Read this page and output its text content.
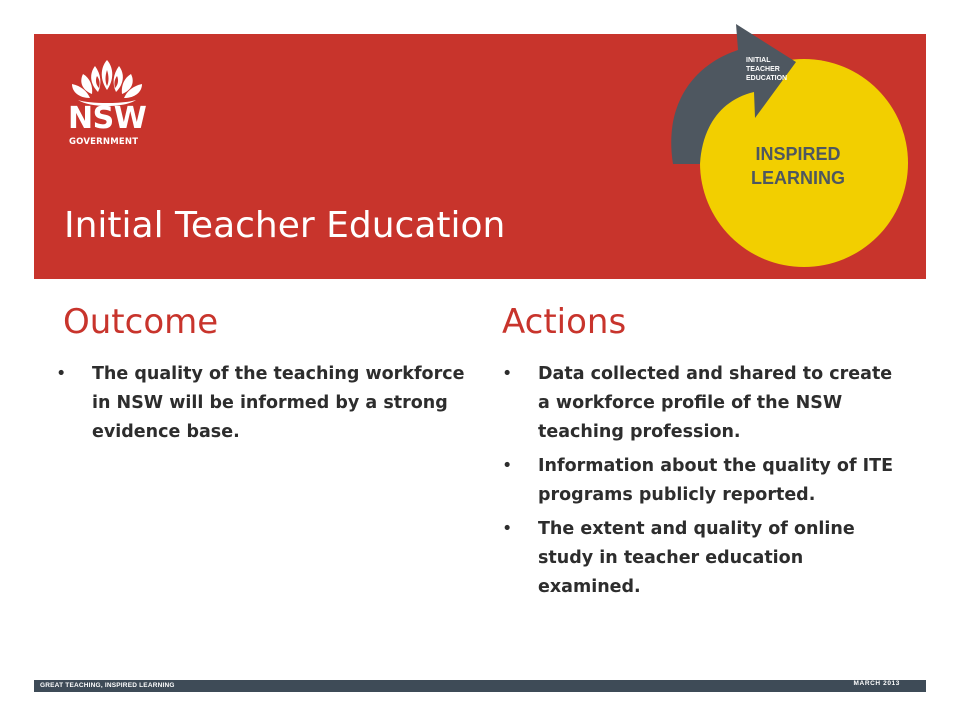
NSW
GOVERNMENT
Initial Teacher Education
INITIAL
TEACHER
EDUCATION
INSPIRED
LEARNING
Outcome
• The quality of the teaching workforce in NSW will be informed by a strong evidence base.
Actions
• Data collected and shared to create a workforce profile of the NSW teaching profession.
• Information about the quality of ITE programs publicly reported.
• The extent and quality of online study in teacher education examined.
GREAT TEACHING, INSPIRED LEARNING	MARCH 2013
